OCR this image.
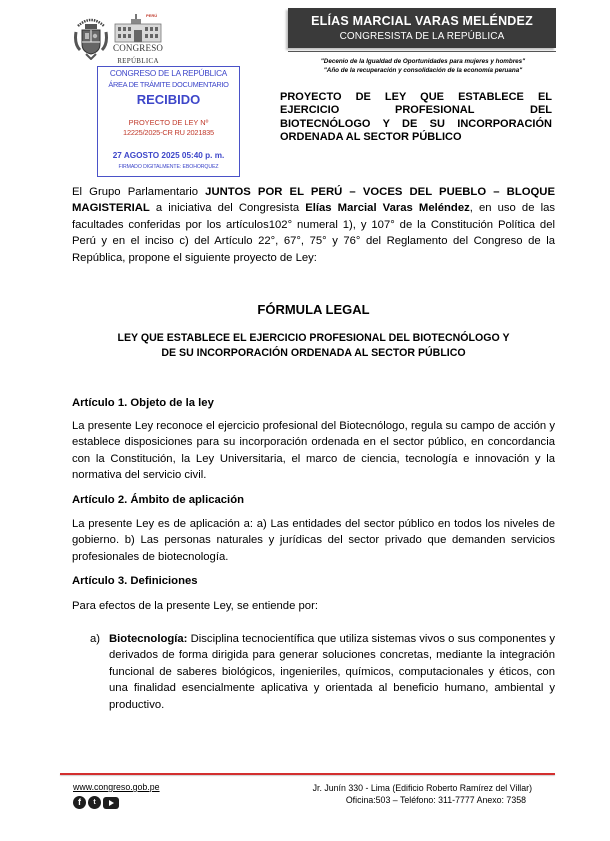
PERÚ
CONGRESO
REPÚBLICA
CONGRESO DE LA REPÚBLICA
ÁREA DE TRÁMITE DOCUMENTARIO
RECIBIDO
PROYECTO DE LEY Nº
12225/2025-CR RU 2021835
27 AGOSTO 2025 05:40 p. m.
FIRMADO DIGITALMENTE: EBOHORQUEZ
ELÍAS MARCIAL VARAS MELÉNDEZ
CONGRESISTA DE LA REPÚBLICA
"Decenio de la Igualdad de Oportunidades para mujeres y hombres"
"Año de la recuperación y consolidación de la economía peruana"
PROYECTO DE LEY QUE ESTABLECE EL
EJERCICIO PROFESIONAL DEL
BIOTECNÓLOGO Y DE SU INCORPORACIÓN
ORDENADA AL SECTOR PÚBLICO
El Grupo Parlamentario JUNTOS POR EL PERÚ – VOCES DEL PUEBLO – BLOQUE MAGISTERIAL a iniciativa del Congresista Elías Marcial Varas Meléndez, en uso de las facultades conferidas por los artículos102° numeral 1), y 107° de la Constitución Política del Perú y en el inciso c) del Artículo 22°, 67°, 75° y 76° del Reglamento del Congreso de la República, propone el siguiente proyecto de Ley:
FÓRMULA LEGAL
LEY QUE ESTABLECE EL EJERCICIO PROFESIONAL DEL BIOTECNÓLOGO Y
DE SU INCORPORACIÓN ORDENADA AL SECTOR PÚBLICO
Artículo 1. Objeto de la ley
La presente Ley reconoce el ejercicio profesional del Biotecnólogo, regula su campo de acción y establece disposiciones para su incorporación ordenada en el sector público, en concordancia con la Constitución, la Ley Universitaria, el marco de ciencia, tecnología e innovación y la normativa del servicio civil.
Artículo 2. Ámbito de aplicación
La presente Ley es de aplicación a: a) Las entidades del sector público en todos los niveles de gobierno. b) Las personas naturales y jurídicas del sector privado que demanden servicios profesionales de biotecnología.
Artículo 3. Definiciones
Para efectos de la presente Ley, se entiende por:
a) Biotecnología: Disciplina tecnocientífica que utiliza sistemas vivos o sus componentes y derivados de forma dirigida para generar soluciones concretas, mediante la integración funcional de saberes biológicos, ingenieriles, químicos, computacionales y éticos, con una finalidad esencialmente aplicativa y orientada al beneficio humano, ambiental y productivo.
www.congreso.gob.pe
f	t
Jr. Junín 330 - Lima (Edificio Roberto Ramírez del Villar)
Oficina:503 – Teléfono: 311-7777 Anexo: 7358
